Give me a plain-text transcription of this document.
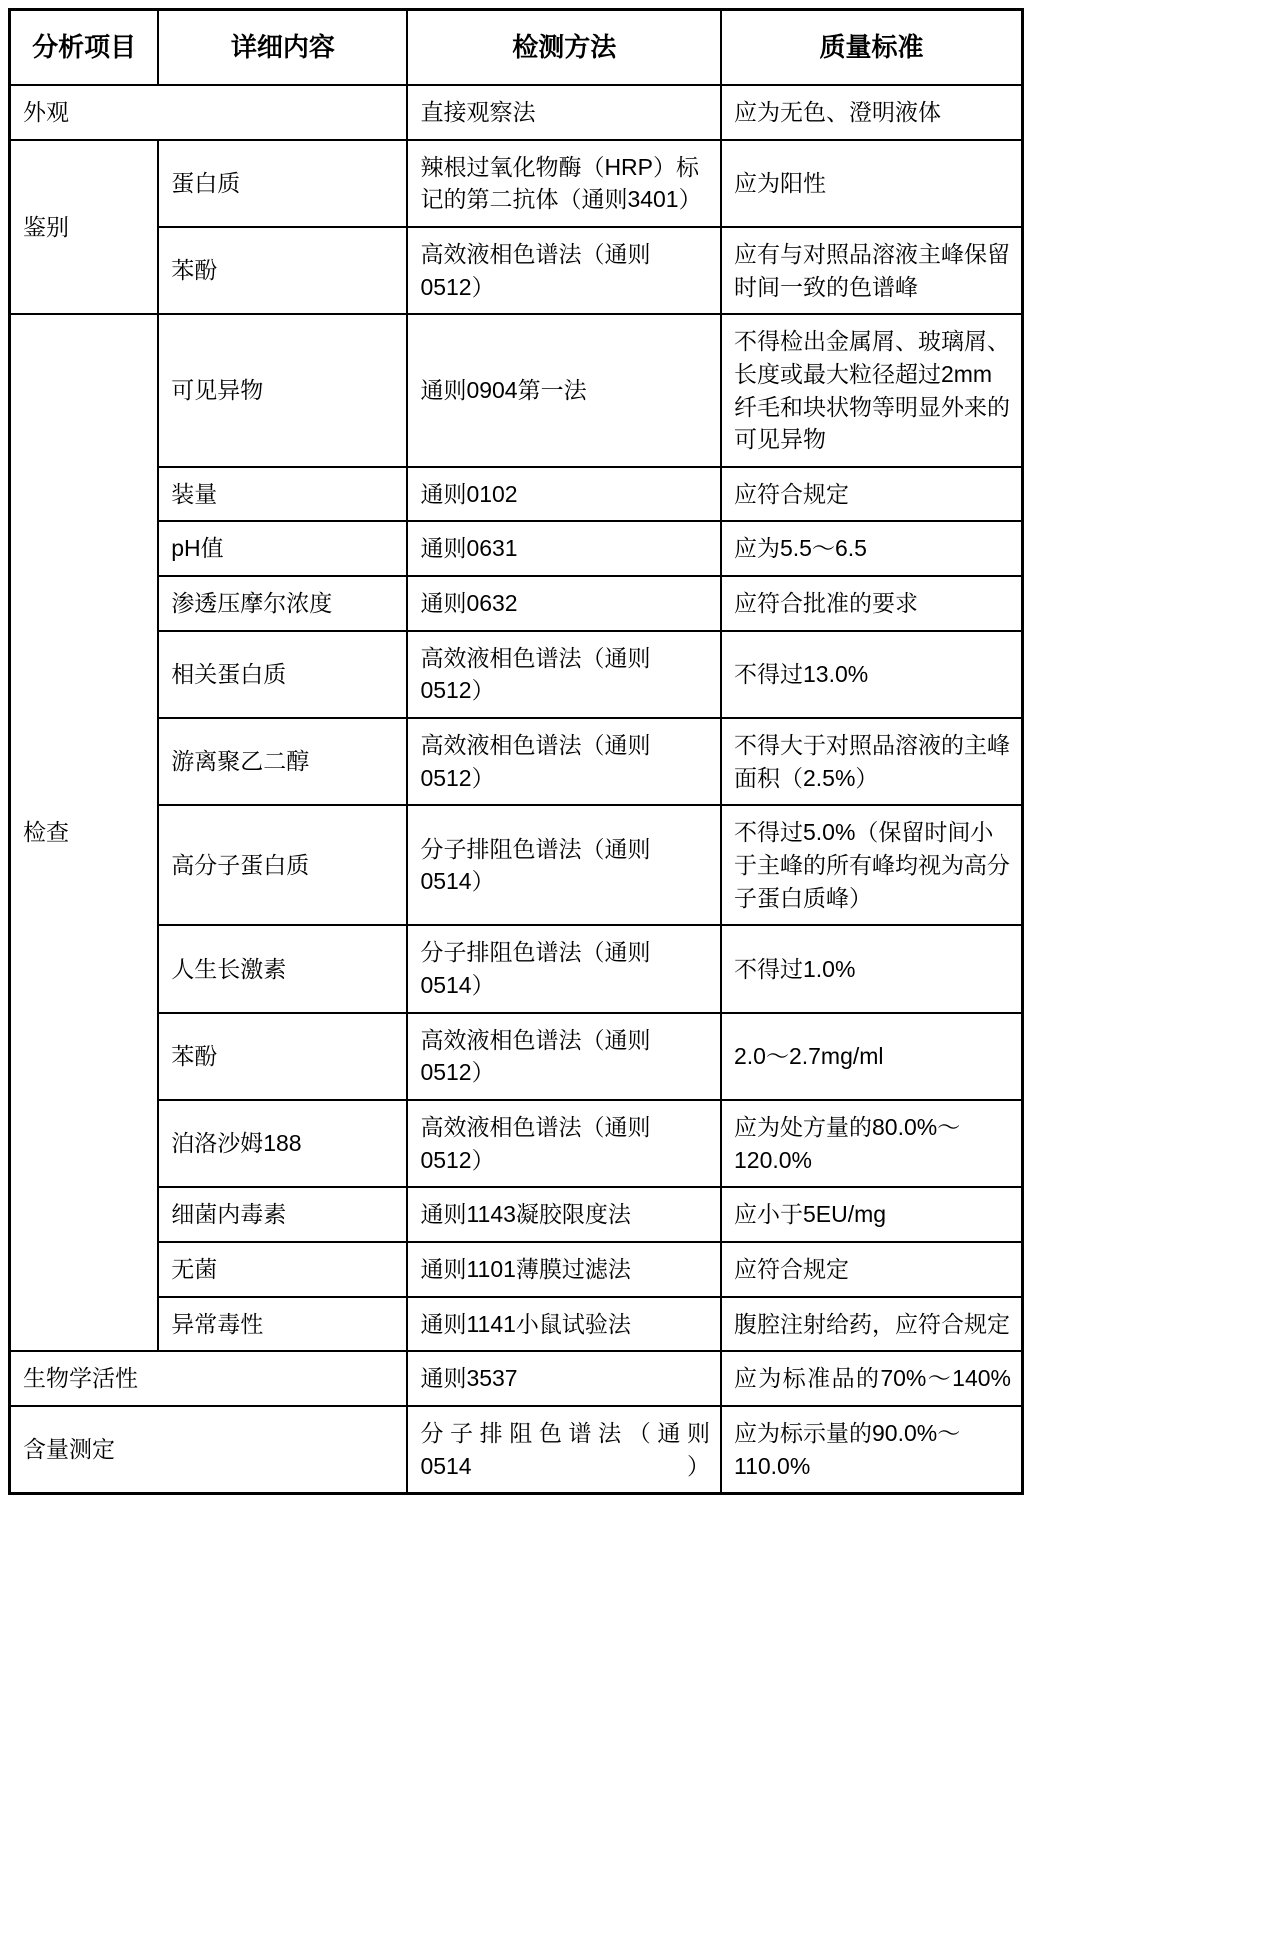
分析项目	详细内容	检测方法	质量标准
外观		直接观察法	应为无色、澄明液体
鉴别	蛋白质	辣根过氧化物酶（HRP）标记的第二抗体（通则3401）	应为阳性
	苯酚	高效液相色谱法（通则0512）	应有与对照品溶液主峰保留时间一致的色谱峰
检查	可见异物	通则0904第一法	不得检出金属屑、玻璃屑、长度或最大粒径超过2mm纤毛和块状物等明显外来的可见异物
	装量	通则0102	应符合规定
	pH值	通则0631	应为5.5～6.5
	渗透压摩尔浓度	通则0632	应符合批准的要求
	相关蛋白质	高效液相色谱法（通则0512）	不得过13.0%
	游离聚乙二醇	高效液相色谱法（通则0512）	不得大于对照品溶液的主峰面积（2.5%）
	高分子蛋白质	分子排阻色谱法（通则0514）	不得过5.0%（保留时间小于主峰的所有峰均视为高分子蛋白质峰）
	人生长激素	分子排阻色谱法（通则0514）	不得过1.0%
	苯酚	高效液相色谱法（通则0512）	2.0～2.7mg/ml
	泊洛沙姆188	高效液相色谱法（通则0512）	应为处方量的80.0%～120.0%
	细菌内毒素	通则1143凝胶限度法	应小于5EU/mg
	无菌	通则1101薄膜过滤法	应符合规定
	异常毒性	通则1141小鼠试验法	腹腔注射给药，应符合规定
生物学活性		通则3537	应为标准品的70%～140%
含量测定		分子排阻色谱法（通则0514）	应为标示量的90.0%～110.0%
